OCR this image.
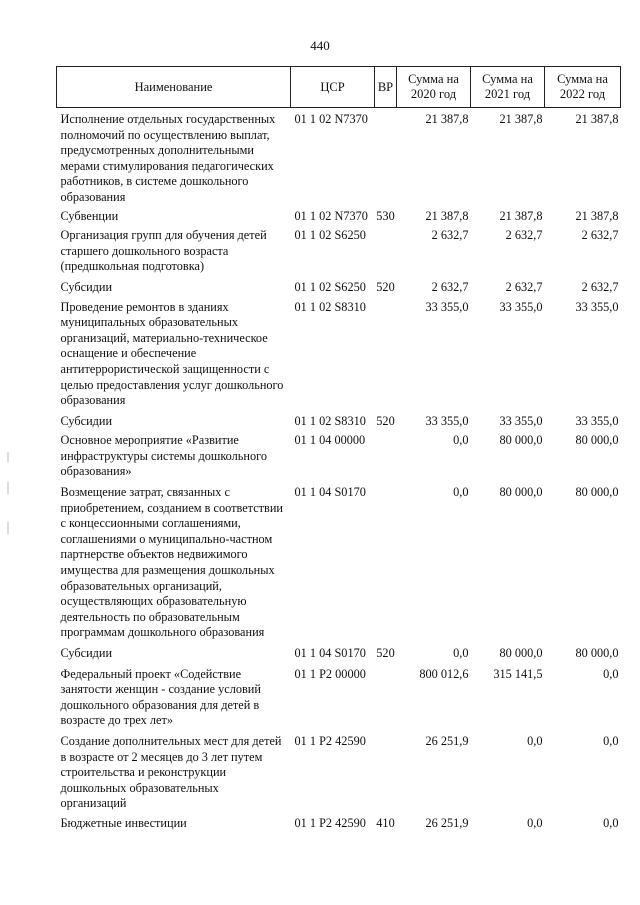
440
Наименование	ЦСР	ВР	Сумма на 2020 год	Сумма на 2021 год	Сумма на 2022 год

Исполнение отдельных государственных полномочий по осуществлению выплат, предусмотренных дополнительными мерами стимулирования педагогических работников, в системе дошкольного образования	01 1 02 N7370		21 387,8	21 387,8	21 387,8
Субвенции	01 1 02 N7370	530	21 387,8	21 387,8	21 387,8
Организация групп для обучения детей старшего дошкольного возраста (предшкольная подготовка)	01 1 02 S6250		2 632,7	2 632,7	2 632,7
Субсидии	01 1 02 S6250	520	2 632,7	2 632,7	2 632,7
Проведение ремонтов в зданиях муниципальных образовательных организаций, материально-техническое оснащение и обеспечение антитеррористической защищенности с целью предоставления услуг дошкольного образования	01 1 02 S8310		33 355,0	33 355,0	33 355,0
Субсидии	01 1 02 S8310	520	33 355,0	33 355,0	33 355,0
Основное мероприятие «Развитие инфраструктуры системы дошкольного образования»	01 1 04 00000		0,0	80 000,0	80 000,0
Возмещение затрат, связанных с приобретением, созданием в соответствии с концессионными соглашениями, соглашениями о муниципально-частном партнерстве объектов недвижимого имущества для размещения дошкольных образовательных организаций, осуществляющих образовательную деятельность по образовательным программам дошкольного образования	01 1 04 S0170		0,0	80 000,0	80 000,0
Субсидии	01 1 04 S0170	520	0,0	80 000,0	80 000,0
Федеральный проект «Содействие занятости женщин - создание условий дошкольного образования для детей в возрасте до трех лет»	01 1 P2 00000		800 012,6	315 141,5	0,0
Создание дополнительных мест для детей в возрасте от 2 месяцев до 3 лет путем строительства и реконструкции дошкольных образовательных организаций	01 1 P2 42590		26 251,9	0,0	0,0
Бюджетные инвестиции	01 1 P2 42590	410	26 251,9	0,0	0,0
